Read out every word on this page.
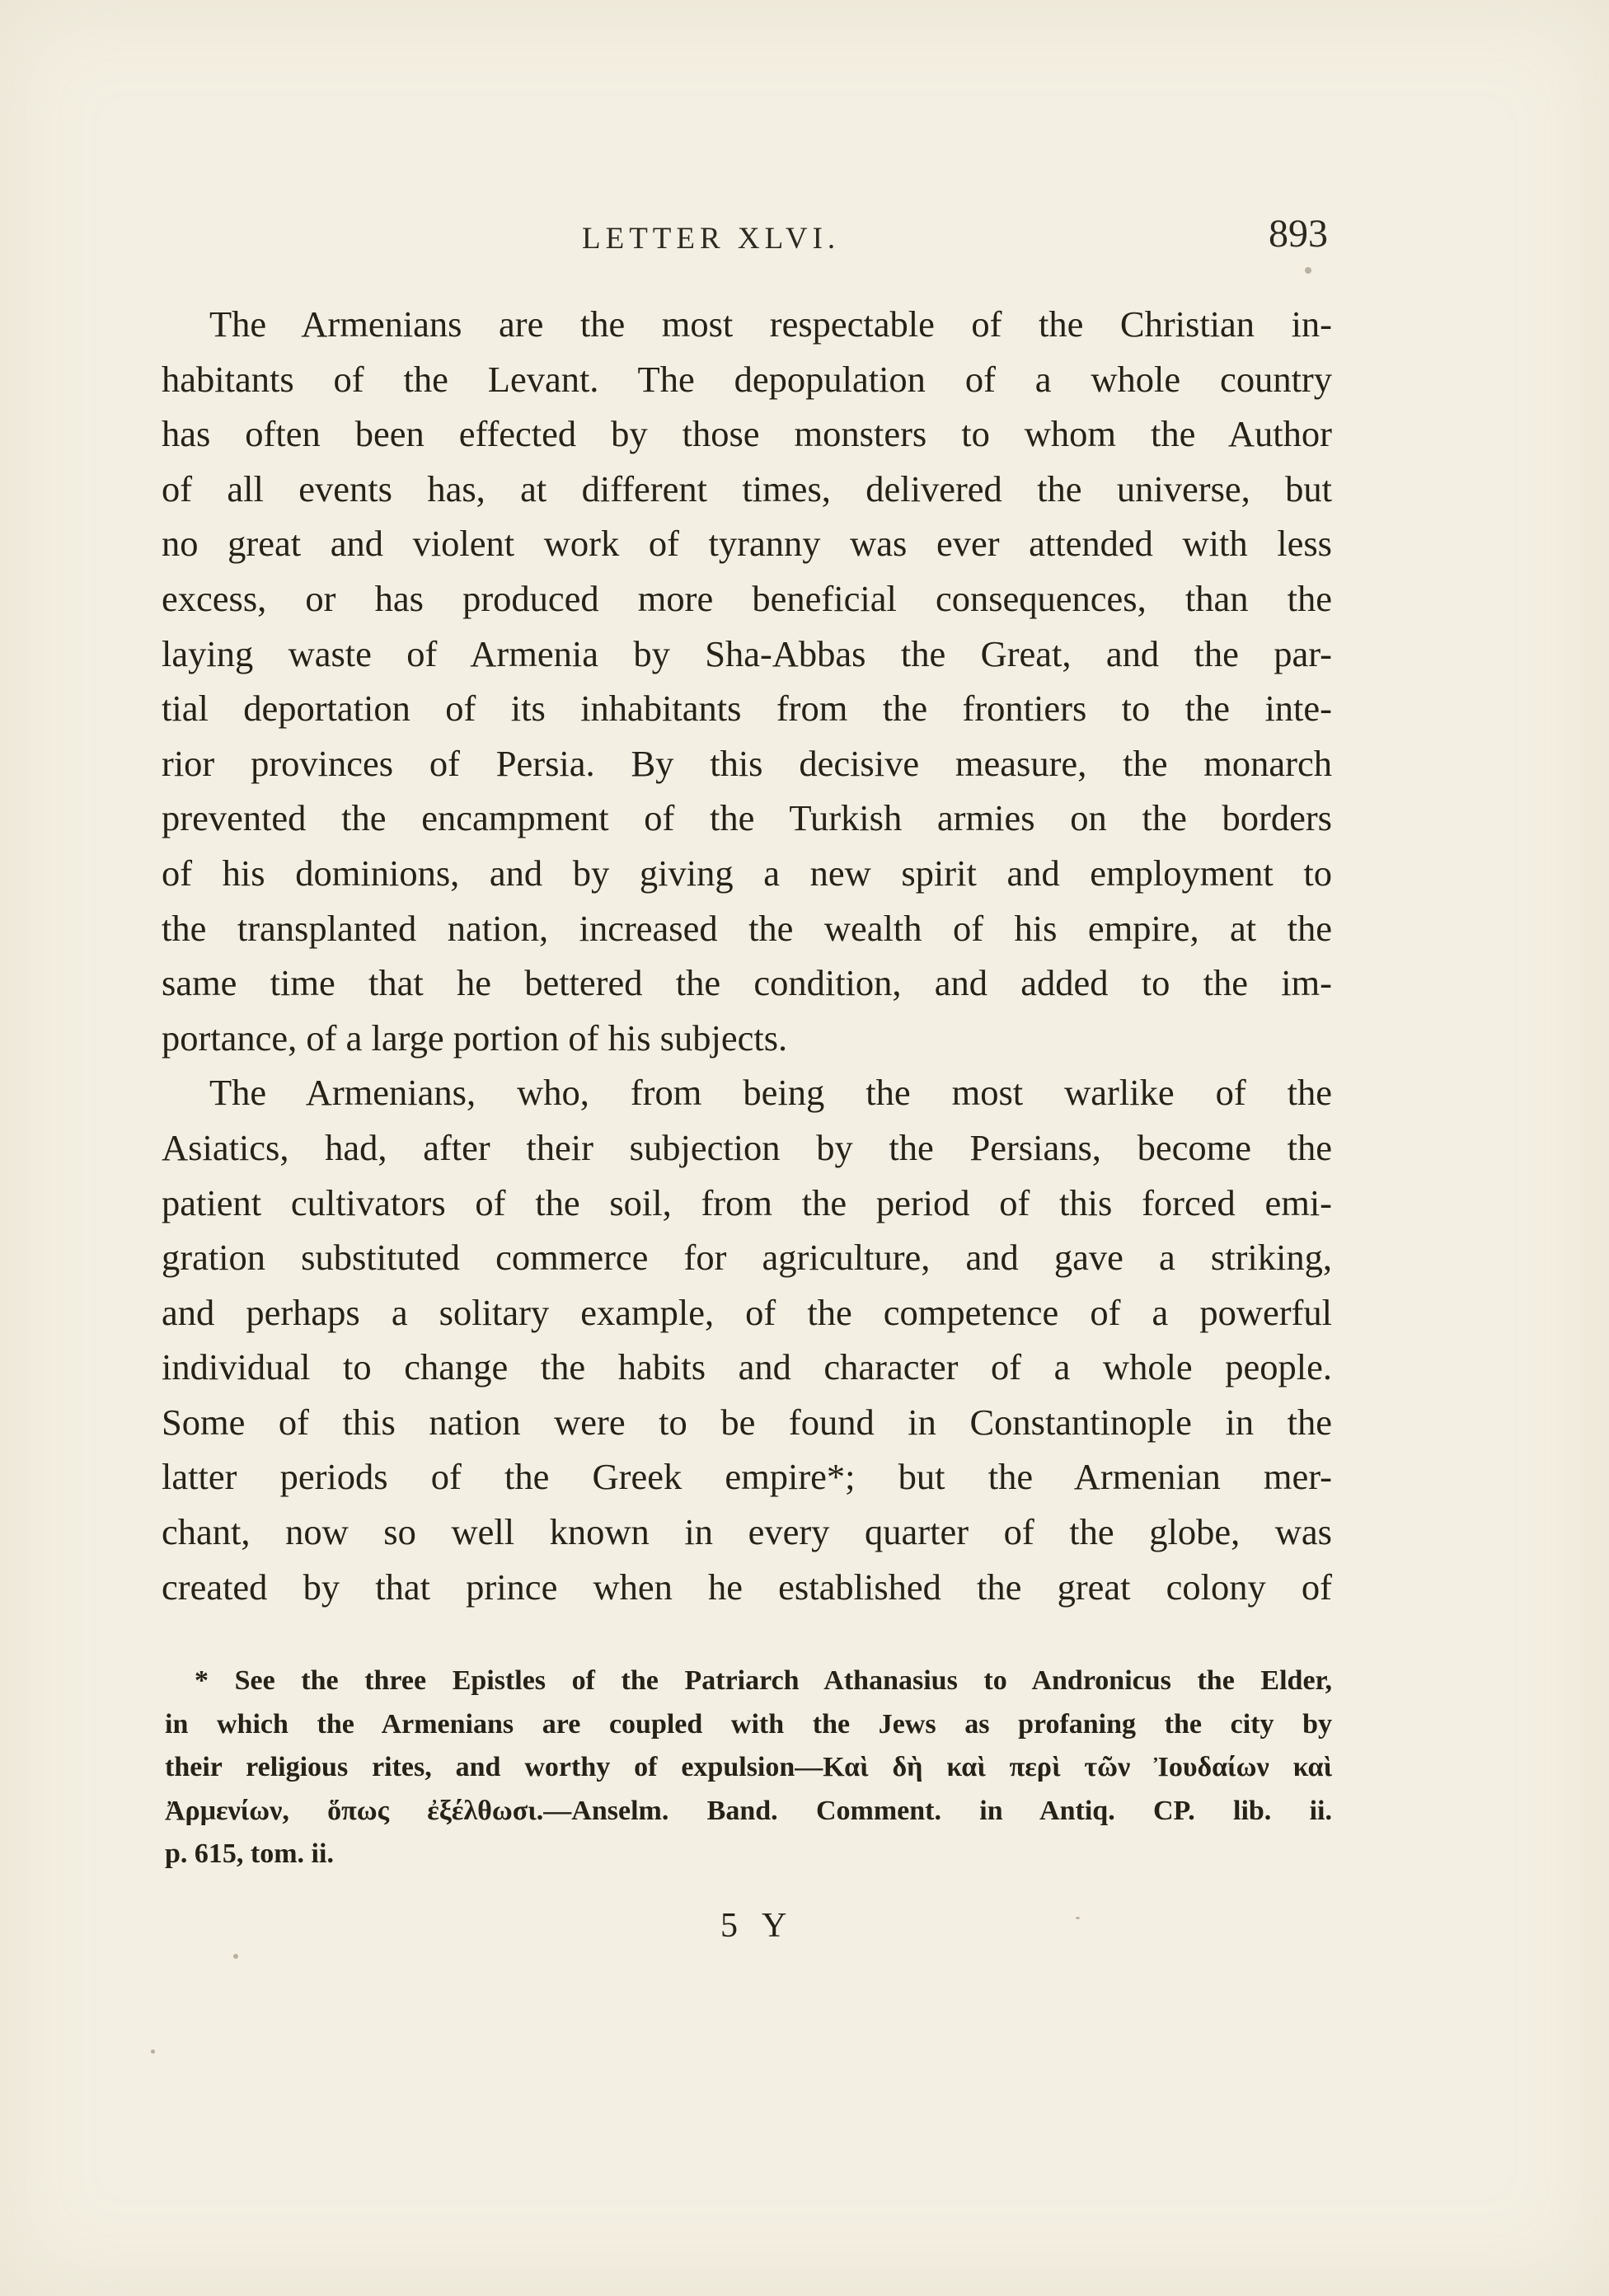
LETTER XLVI.	893
The Armenians are the most respectable of the Christian in-
habitants of the Levant. The depopulation of a whole country
has often been effected by those monsters to whom the Author
of all events has, at different times, delivered the universe, but
no great and violent work of tyranny was ever attended with less
excess, or has produced more beneficial consequences, than the
laying waste of Armenia by Sha-Abbas the Great, and the par-
tial deportation of its inhabitants from the frontiers to the inte-
rior provinces of Persia. By this decisive measure, the monarch
prevented the encampment of the Turkish armies on the borders
of his dominions, and by giving a new spirit and employment to
the transplanted nation, increased the wealth of his empire, at the
same time that he bettered the condition, and added to the im-
portance, of a large portion of his subjects.
The Armenians, who, from being the most warlike of the
Asiatics, had, after their subjection by the Persians, become the
patient cultivators of the soil, from the period of this forced emi-
gration substituted commerce for agriculture, and gave a striking,
and perhaps a solitary example, of the competence of a powerful
individual to change the habits and character of a whole people.
Some of this nation were to be found in Constantinople in the
latter periods of the Greek empire*; but the Armenian mer-
chant, now so well known in every quarter of the globe, was
created by that prince when he established the great colony of
* See the three Epistles of the Patriarch Athanasius to Andronicus the Elder,
in which the Armenians are coupled with the Jews as profaning the city by
their religious rites, and worthy of expulsion—Καὶ δὴ καὶ περὶ τῶν Ἰουδαίων καὶ
Ἀρμενίων, ὅπως ἐξέλθωσι.—Anselm. Band. Comment. in Antiq. CP. lib. ii.
p. 615, tom. ii.
5 Y
